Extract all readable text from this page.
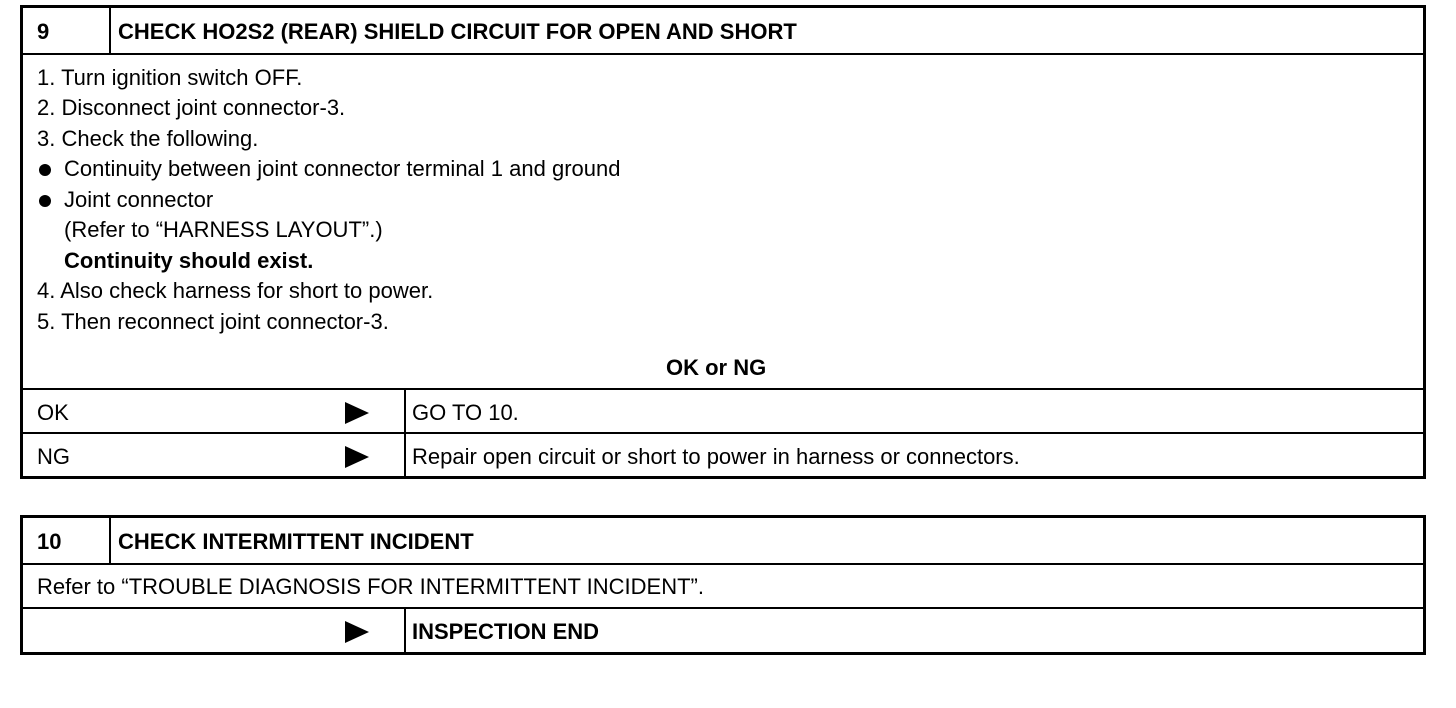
9	CHECK HO2S2 (REAR) SHIELD CIRCUIT FOR OPEN AND SHORT
1. Turn ignition switch OFF.
2. Disconnect joint connector-3.
3. Check the following.
Continuity between joint connector terminal 1 and ground
Joint connector
(Refer to “HARNESS LAYOUT”.)
Continuity should exist.
4. Also check harness for short to power.
5. Then reconnect joint connector-3.
OK or NG
OK	GO TO 10.
NG	Repair open circuit or short to power in harness or connectors.
10	CHECK INTERMITTENT INCIDENT
Refer to “TROUBLE DIAGNOSIS FOR INTERMITTENT INCIDENT”.
INSPECTION END
